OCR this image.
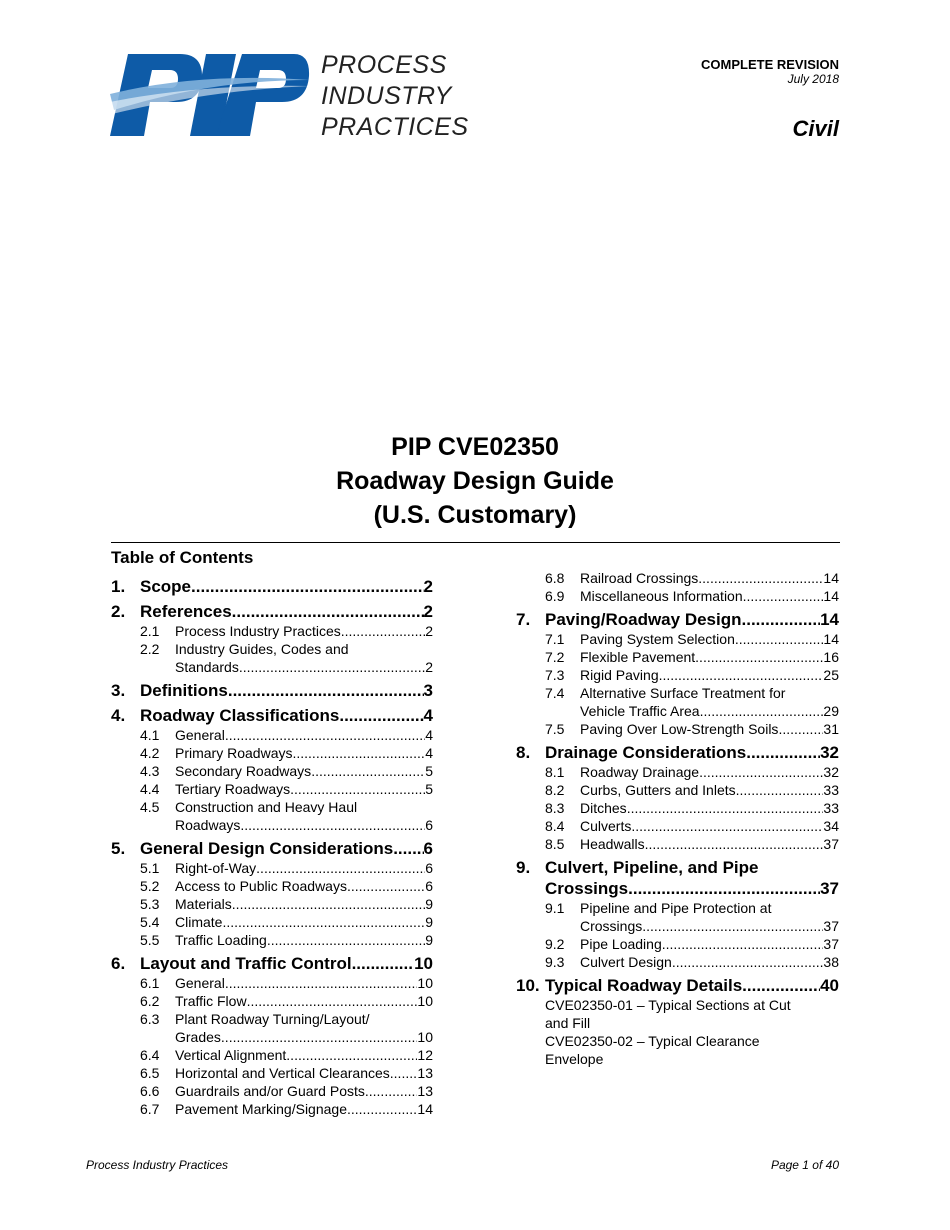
PROCESS
INDUSTRY
PRACTICES
COMPLETE REVISION
July 2018
Civil
PIP CVE02350
Roadway Design Guide
(U.S. Customary)
Table of Contents
1. Scope .....	2
2. References .....	2
2.1	Process Industry Practices .....	2
2.2	Industry Guides, Codes and
Standards .....	2
3. Definitions .....	3
4. Roadway Classifications .....	4
4.1	General .....	4
4.2	Primary Roadways .....	4
4.3	Secondary Roadways .....	5
4.4	Tertiary Roadways .....	5
4.5	Construction and Heavy Haul
Roadways .....	6
5. General Design Considerations ..... 6
5.1	Right-of-Way .....	6
5.2	Access to Public Roadways .....	6
5.3	Materials .....	9
5.4	Climate .....	9
5.5	Traffic Loading .....	9
6. Layout and Traffic Control .....	10
6.1	General .....	10
6.2	Traffic Flow .....	10
6.3	Plant Roadway Turning/Layout/
Grades .....	10
6.4	Vertical Alignment .....	12
6.5	Horizontal and Vertical Clearances ..... 13
6.6	Guardrails and/or Guard Posts .....	13
6.7	Pavement Marking/Signage .....	14
6.8	Railroad Crossings .....	14
6.9	Miscellaneous Information .....	14
7. Paving/Roadway Design .....	14
7.1	Paving System Selection .....	14
7.2	Flexible Pavement .....	16
7.3	Rigid Paving .....	25
7.4	Alternative Surface Treatment for
Vehicle Traffic Area .....	29
7.5	Paving Over Low-Strength Soils .....	31
8. Drainage Considerations .....	32
8.1	Roadway Drainage .....	32
8.2	Curbs, Gutters and Inlets .....	33
8.3	Ditches .....	33
8.4	Culverts .....	34
8.5	Headwalls .....	37
9. Culvert, Pipeline, and Pipe
Crossings .....	37
9.1	Pipeline and Pipe Protection at
Crossings .....	37
9.2	Pipe Loading .....	37
9.3	Culvert Design .....	38
10. Typical Roadway Details .....	40
CVE02350-01 – Typical Sections at Cut
and Fill
CVE02350-02 – Typical Clearance
Envelope
Process Industry Practices	Page 1 of 40
